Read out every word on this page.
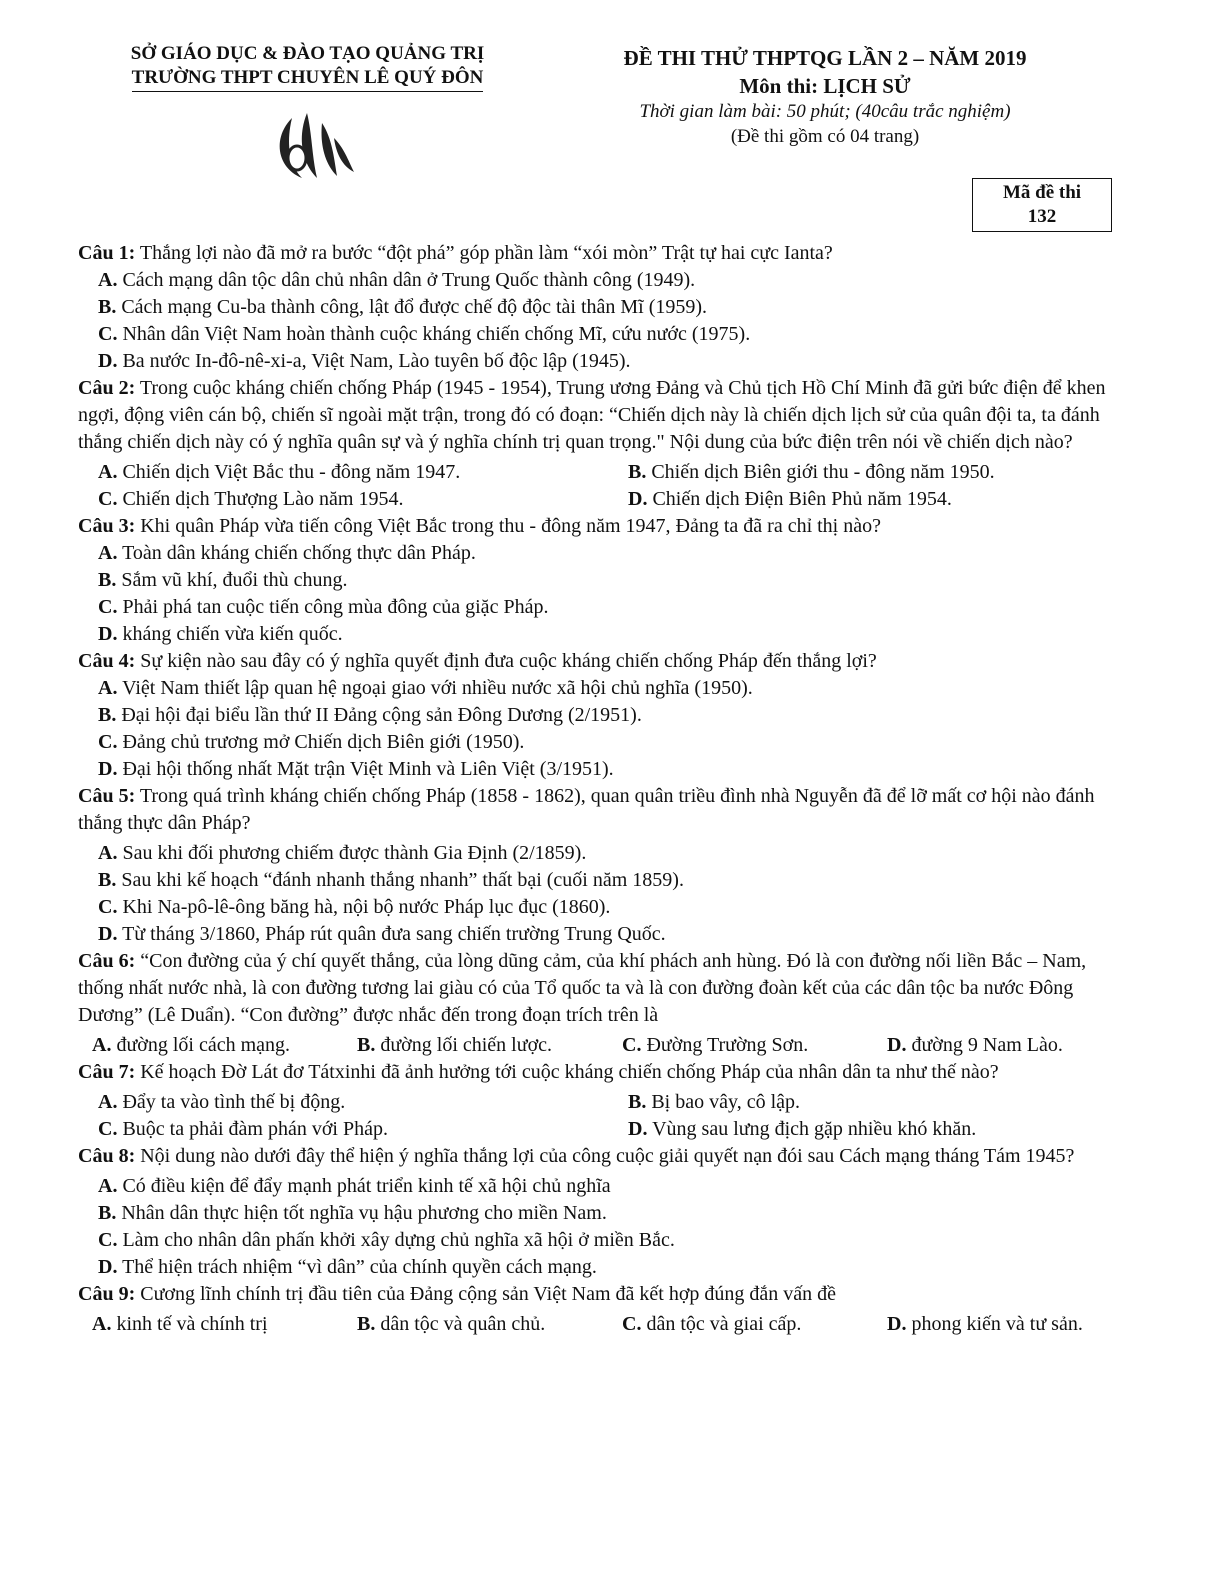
SỞ GIÁO DỤC & ĐÀO TẠO QUẢNG TRỊ
TRƯỜNG THPT CHUYÊN LÊ QUÝ ĐÔN
ĐỀ THI THỬ THPTQG LẦN 2 – NĂM 2019
Môn thi: LỊCH SỬ
Thời gian làm bài: 50 phút; (40câu trắc nghiệm)
(Đề thi gồm có 04 trang)
Mã đề thi
132
Câu 1: Thắng lợi nào đã mở ra bước “đột phá” góp phần làm “xói mòn” Trật tự hai cực Ianta?
A. Cách mạng dân tộc dân chủ nhân dân ở Trung Quốc thành công (1949).
B. Cách mạng Cu-ba thành công, lật đổ được chế độ độc tài thân Mĩ (1959).
C. Nhân dân Việt Nam hoàn thành cuộc kháng chiến chống Mĩ, cứu nước (1975).
D. Ba nước In-đô-nê-xi-a, Việt Nam, Lào tuyên bố độc lập (1945).
Câu 2: Trong cuộc kháng chiến chống Pháp (1945 - 1954), Trung ương Đảng và Chủ tịch Hồ Chí Minh đã gửi bức điện để khen ngợi, động viên cán bộ, chiến sĩ ngoài mặt trận, trong đó có đoạn: “Chiến dịch này là chiến dịch lịch sử của quân đội ta, ta đánh thắng chiến dịch này có ý nghĩa quân sự và ý nghĩa chính trị quan trọng." Nội dung của bức điện trên nói về chiến dịch nào?
A. Chiến dịch Việt Bắc thu - đông năm 1947.	B. Chiến dịch Biên giới thu - đông năm 1950.
C. Chiến dịch Thượng Lào năm 1954.	D. Chiến dịch Điện Biên Phủ năm 1954.
Câu 3: Khi quân Pháp vừa tiến công Việt Bắc trong thu - đông năm 1947, Đảng ta đã ra chỉ thị nào?
A. Toàn dân kháng chiến chống thực dân Pháp.
B. Sắm vũ khí, đuổi thù chung.
C. Phải phá tan cuộc tiến công mùa đông của giặc Pháp.
D. kháng chiến vừa kiến quốc.
Câu 4: Sự kiện nào sau đây có ý nghĩa quyết định đưa cuộc kháng chiến chống Pháp đến thắng lợi?
A. Việt Nam thiết lập quan hệ ngoại giao với nhiều nước xã hội chủ nghĩa (1950).
B. Đại hội đại biểu lần thứ II Đảng cộng sản Đông Dương (2/1951).
C. Đảng chủ trương mở Chiến dịch Biên giới (1950).
D. Đại hội thống nhất Mặt trận Việt Minh và Liên Việt (3/1951).
Câu 5: Trong quá trình kháng chiến chống Pháp (1858 - 1862), quan quân triều đình nhà Nguyễn đã để lỡ mất cơ hội nào đánh thắng thực dân Pháp?
A. Sau khi đối phương chiếm được thành Gia Định (2/1859).
B. Sau khi kế hoạch “đánh nhanh thắng nhanh” thất bại (cuối năm 1859).
C. Khi Na-pô-lê-ông băng hà, nội bộ nước Pháp lục đục (1860).
D. Từ tháng 3/1860, Pháp rút quân đưa sang chiến trường Trung Quốc.
Câu 6: “Con đường của ý chí quyết thắng, của lòng dũng cảm, của khí phách anh hùng. Đó là con đường nối liền Bắc – Nam, thống nhất nước nhà, là con đường tương lai giàu có của Tổ quốc ta và là con đường đoàn kết của các dân tộc ba nước Đông Dương” (Lê Duẩn). “Con đường” được nhắc đến trong đoạn trích trên là
A. đường lối cách mạng.	B. đường lối chiến lược.	C. Đường Trường Sơn.	D. đường 9 Nam Lào.
Câu 7: Kế hoạch Đờ Lát đơ Tátxinhi đã ảnh hưởng tới cuộc kháng chiến chống Pháp của nhân dân ta như thế nào?
A. Đẩy ta vào tình thế bị động.	B. Bị bao vây, cô lập.
C. Buộc ta phải đàm phán với Pháp.	D. Vùng sau lưng địch gặp nhiều khó khăn.
Câu 8: Nội dung nào dưới đây thể hiện ý nghĩa thắng lợi của công cuộc giải quyết nạn đói sau Cách mạng tháng Tám 1945?
A. Có điều kiện để đẩy mạnh phát triển kinh tế xã hội chủ nghĩa
B. Nhân dân thực hiện tốt nghĩa vụ hậu phương cho miền Nam.
C. Làm cho nhân dân phấn khởi xây dựng chủ nghĩa xã hội ở miền Bắc.
D. Thể hiện trách nhiệm “vì dân” của chính quyền cách mạng.
Câu 9: Cương lĩnh chính trị đầu tiên của Đảng cộng sản Việt Nam đã kết hợp đúng đắn vấn đề
A. kinh tế và chính trị	B. dân tộc và quân chủ.	C. dân tộc và giai cấp.	D. phong kiến và tư sản.
